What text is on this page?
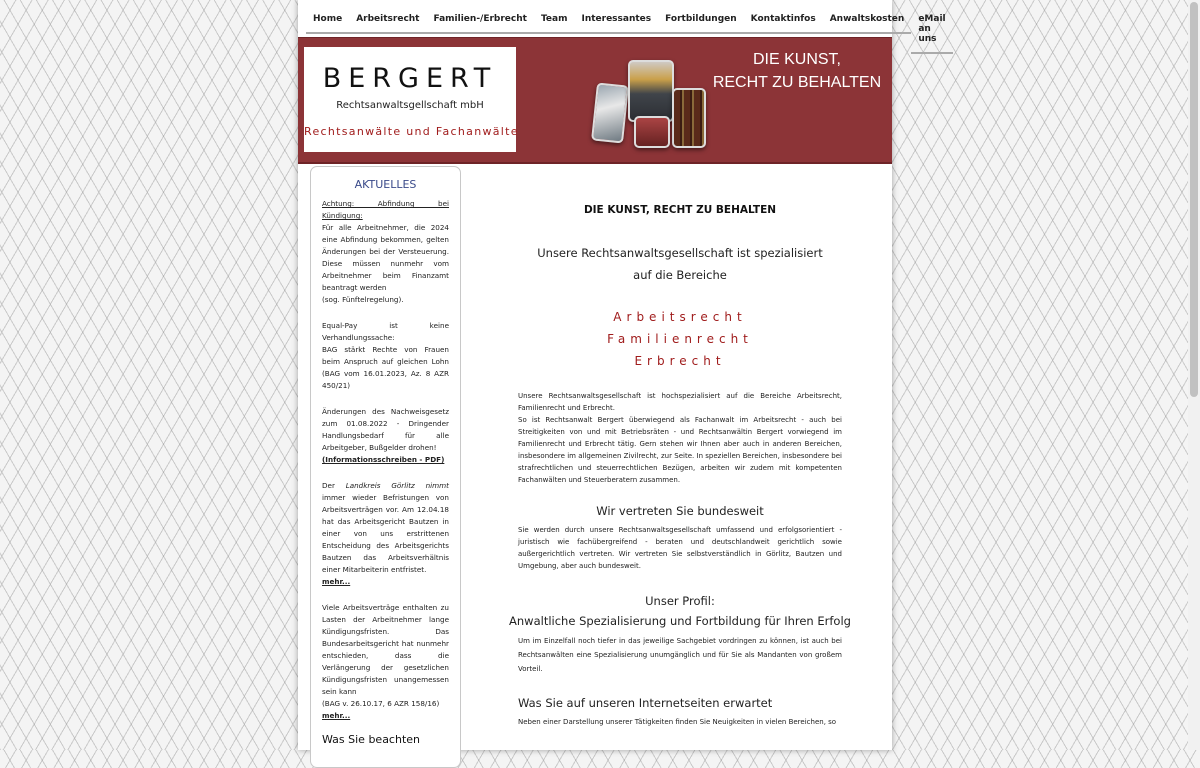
Home	Arbeitsrecht	Familien-/Erbrecht	Team	Interessantes	Fortbildungen	Kontaktinfos	Anwaltskosten	eMail an uns
BERGERT
Rechtsanwaltsgellschaft mbH
Rechtsanwälte und Fachanwälte
DIE KUNST,
RECHT ZU BEHALTEN
AKTUELLES

Achtung: Abfindung bei Kündigung:
Für alle Arbeitnehmer, die 2024 eine Abfindung bekommen, gelten Änderungen bei der Versteuerung. Diese müssen nunmehr vom Arbeitnehmer beim Finanzamt beantragt werden
(sog. Fünftelregelung).

Equal-Pay ist keine Verhandlungssache:
BAG stärkt Rechte von Frauen beim Anspruch auf gleichen Lohn (BAG vom 16.01.2023, Az. 8 AZR 450/21)

Änderungen des Nachweisgesetz zum 01.08.2022 - Dringender Handlungsbedarf für alle Arbeitgeber, Bußgelder drohen!
(Informationsschreiben - PDF)

Der Landkreis Görlitz nimmt immer wieder Befristungen von Arbeitsverträgen vor. Am 12.04.18 hat das Arbeitsgericht Bautzen in einer von uns erstrittenen Entscheidung des Arbeitsgerichts Bautzen das Arbeitsverhältnis einer Mitarbeiterin entfristet.
mehr...

Viele Arbeitsverträge enthalten zu Lasten der Arbeitnehmer lange Kündigungsfristen. Das Bundesarbeitsgericht hat nunmehr entschieden, dass die Verlängerung der gesetzlichen Kündigungsfristen unangemessen sein kann
(BAG v. 26.10.17, 6 AZR 158/16)
mehr...

Was Sie beachten
DIE KUNST, RECHT ZU BEHALTEN
Unsere Rechtsanwaltsgesellschaft ist spezialisiert
auf die Bereiche
Arbeitsrecht
Familienrecht
Erbrecht
Unsere Rechtsanwaltsgesellschaft ist hochspezialisiert auf die Bereiche Arbeitsrecht, Familienrecht und Erbrecht.
So ist Rechtsanwalt Bergert überwiegend als Fachanwalt im Arbeitsrecht - auch bei Streitigkeiten von und mit Betriebsräten - und Rechtsanwältin Bergert vorwiegend im Familienrecht und Erbrecht tätig. Gern stehen wir Ihnen aber auch in anderen Bereichen, insbesondere im allgemeinen Zivilrecht, zur Seite. In speziellen Bereichen, insbesondere bei strafrechtlichen und steuerrechtlichen Bezügen, arbeiten wir zudem mit kompetenten Fachanwälten und Steuerberatern zusammen.
Wir vertreten Sie bundesweit
Sie werden durch unsere Rechtsanwaltsgesellschaft umfassend und erfolgsorientiert - juristisch wie fachübergreifend - beraten und deutschlandweit gerichtlich sowie außergerichtlich vertreten. Wir vertreten Sie selbstverständlich in Görlitz, Bautzen und Umgebung, aber auch bundesweit.
Unser Profil:
Anwaltliche Spezialisierung und Fortbildung für Ihren Erfolg
Um im Einzelfall noch tiefer in das jeweilige Sachgebiet vordringen zu können, ist auch bei Rechtsanwälten eine Spezialisierung unumgänglich und für Sie als Mandanten von großem Vorteil.
Was Sie auf unseren Internetseiten erwartet
Neben einer Darstellung unserer Tätigkeiten finden Sie Neuigkeiten in vielen Bereichen, so
